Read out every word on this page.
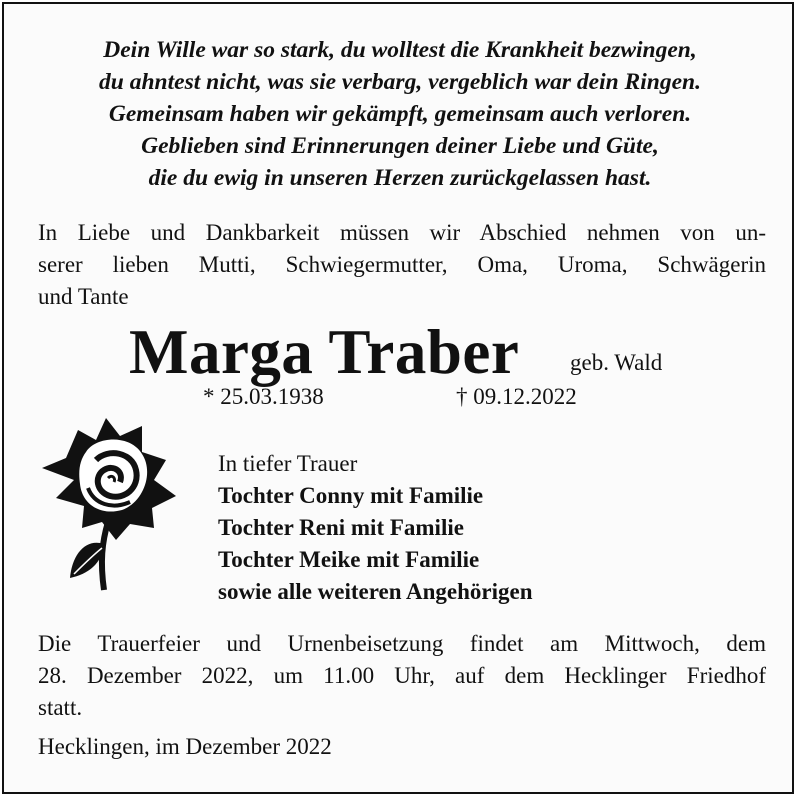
Dein Wille war so stark, du wolltest die Krankheit bezwingen,
du ahntest nicht, was sie verbarg, vergeblich war dein Ringen.
Gemeinsam haben wir gekämpft, gemeinsam auch verloren.
Geblieben sind Erinnerungen deiner Liebe und Güte,
die du ewig in unseren Herzen zurückgelassen hast.
In Liebe und Dankbarkeit müssen wir Abschied nehmen von un-
serer lieben Mutti, Schwiegermutter, Oma, Uroma, Schwägerin
und Tante
Marga Traber geb. Wald
* 25.03.1938	† 09.12.2022
In tiefer Trauer
Tochter Conny mit Familie
Tochter Reni mit Familie
Tochter Meike mit Familie
sowie alle weiteren Angehörigen
Die Trauerfeier und Urnenbeisetzung findet am Mittwoch, dem
28. Dezember 2022, um 11.00 Uhr, auf dem Hecklinger Friedhof
statt.
Hecklingen, im Dezember 2022
